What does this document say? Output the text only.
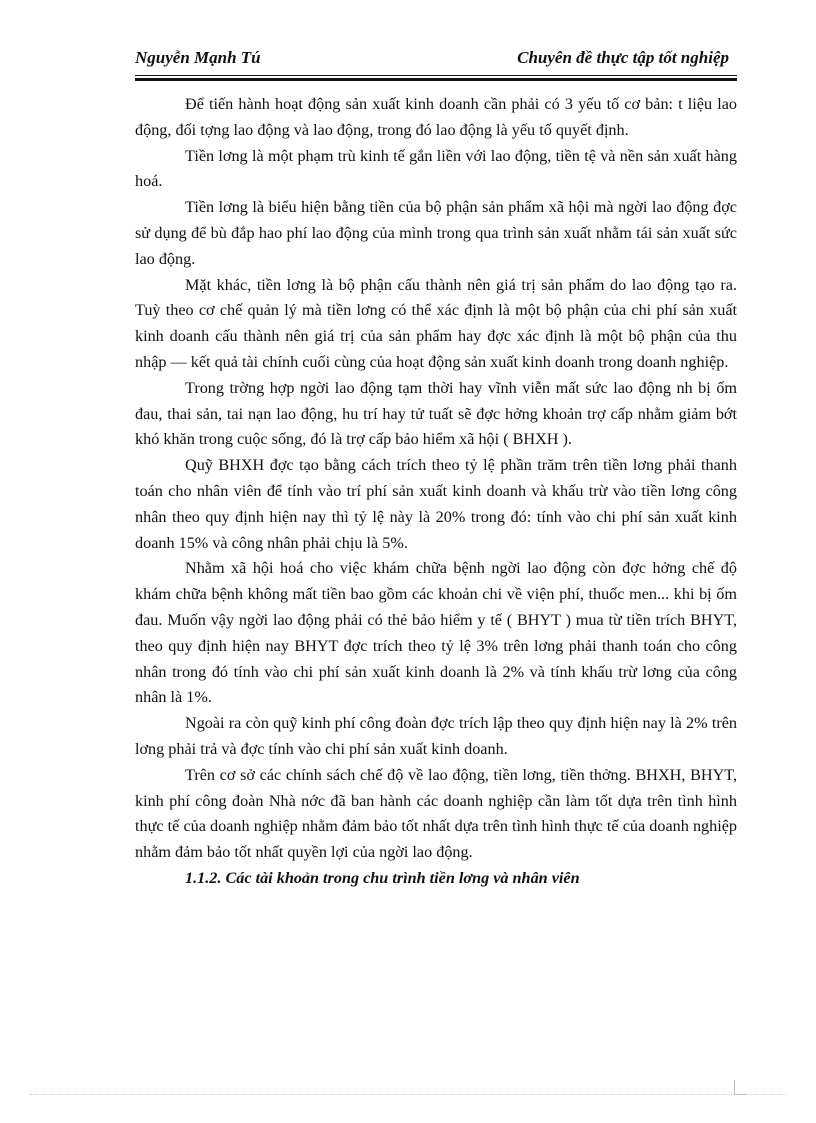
Nguyễn Mạnh Tú	Chuyên đề thực tập tốt nghiệp

Để tiến hành hoạt động sản xuất kinh doanh cần phải có 3 yếu tố cơ bản: t liệu lao động, đối tợng lao động và lao động, trong đó lao động là yếu tố quyết định.

Tiền lơng là một phạm trù kinh tế gắn liền với lao động, tiền tệ và nền sản xuất hàng hoá.

Tiền lơng là biểu hiện bằng tiền của bộ phận sản phẩm xã hội mà ngời lao động đợc sử dụng để bù đắp hao phí lao động của mình trong qua trình sản xuất nhằm tái sản xuất sức lao động.

Mặt khác, tiền lơng là bộ phận cấu thành nên giá trị sản phẩm do lao động tạo ra. Tuỳ theo cơ chế quản lý mà tiền lơng có thể xác định là một bộ phận của chi phí sản xuất kinh doanh cấu thành nên giá trị của sản phẩm hay đợc xác định là một bộ phận của thu nhập — kết quả tài chính cuối cùng của hoạt động sản xuất kinh doanh trong doanh nghiệp.

Trong trờng hợp ngời lao động tạm thời hay vĩnh viễn mất sức lao động nh bị ốm đau, thai sản, tai nạn lao động, hu trí hay tử tuất sẽ đợc hởng khoản trợ cấp nhằm giảm bớt khó khăn trong cuộc sống, đó là trợ cấp bảo hiểm xã hội ( BHXH ).

Quỹ BHXH đợc tạo bằng cách trích theo tỷ lệ phần trăm trên tiền lơng phải thanh toán cho nhân viên để tính vào trí phí sản xuất kinh doanh và khấu trừ vào tiền lơng công nhân theo quy định hiện nay thì tỷ lệ này là 20% trong đó: tính vào chi phí sản xuất kinh doanh 15% và công nhân phải chịu là 5%.

Nhằm xã hội hoá cho việc khám chữa bệnh ngời lao động còn đợc hởng chế độ khám chữa bệnh không mất tiền bao gồm các khoản chi về viện phí, thuốc men... khi bị ốm đau. Muốn vậy ngời lao động phải có thẻ bảo hiểm y tế ( BHYT ) mua từ tiền trích BHYT, theo quy định hiện nay BHYT đợc trích theo tỷ lệ 3% trên lơng phải thanh toán cho công nhân trong đó tính vào chi phí sản xuất kinh doanh là 2% và tính khấu trừ lơng của công nhân là 1%.

Ngoài ra còn quỹ kinh phí công đoàn đợc trích lập theo quy định hiện nay là 2% trên lơng phải trả và đợc tính vào chi phí sản xuất kinh doanh.

Trên cơ sở các chính sách chế độ về lao động, tiền lơng, tiền thởng. BHXH, BHYT, kinh phí công đoàn Nhà nớc đã ban hành các doanh nghiệp cần làm tốt dựa trên tình hình thực tế của doanh nghiệp nhằm đảm bảo tốt nhất dựa trên tình hình thực tế của doanh nghiệp nhằm đảm bảo tốt nhất quyền lợi của ngời lao động.

1.1.2. Các tài khoản trong chu trình tiền lơng và nhân viên
